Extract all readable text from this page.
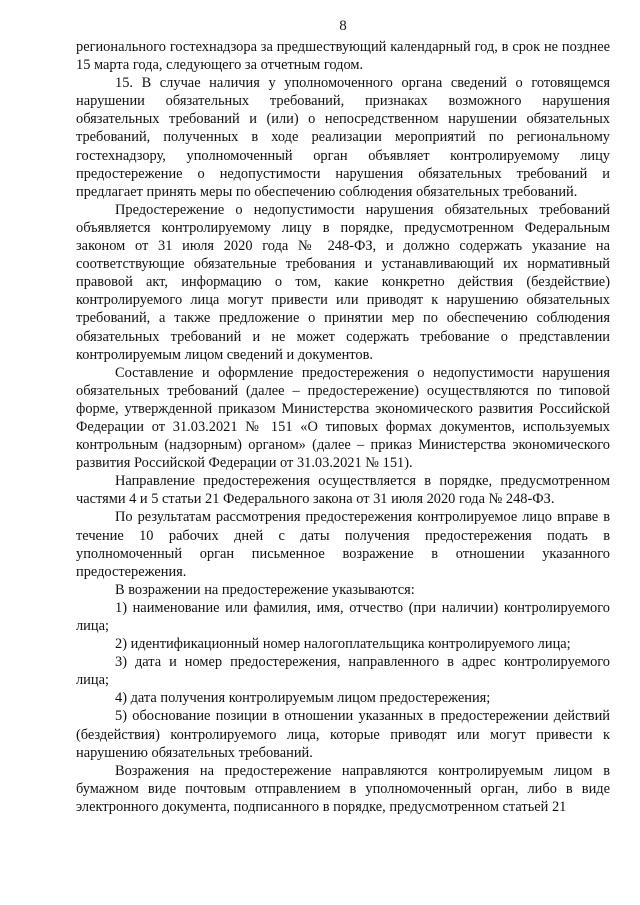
8

регионального гостехнадзора за предшествующий календарный год, в срок не позднее 15 марта года, следующего за отчетным годом.

15. В случае наличия у уполномоченного органа сведений о готовящемся нарушении обязательных требований, признаках возможного нарушения обязательных требований и (или) о непосредственном нарушении обязательных требований, полученных в ходе реализации мероприятий по региональному гостехнадзору, уполномоченный орган объявляет контролируемому лицу предостережение о недопустимости нарушения обязательных требований и предлагает принять меры по обеспечению соблюдения обязательных требований.

Предостережение о недопустимости нарушения обязательных требований объявляется контролируемому лицу в порядке, предусмотренном Федеральным законом от 31 июля 2020 года № 248-ФЗ, и должно содержать указание на соответствующие обязательные требования и устанавливающий их нормативный правовой акт, информацию о том, какие конкретно действия (бездействие) контролируемого лица могут привести или приводят к нарушению обязательных требований, а также предложение о принятии мер по обеспечению соблюдения обязательных требований и не может содержать требование о представлении контролируемым лицом сведений и документов.

Составление и оформление предостережения о недопустимости нарушения обязательных требований (далее – предостережение) осуществляются по типовой форме, утвержденной приказом Министерства экономического развития Российской Федерации от 31.03.2021 № 151 «О типовых формах документов, используемых контрольным (надзорным) органом» (далее – приказ Министерства экономического развития Российской Федерации от 31.03.2021 № 151).

Направление предостережения осуществляется в порядке, предусмотренном частями 4 и 5 статьи 21 Федерального закона от 31 июля 2020 года № 248-ФЗ.

По результатам рассмотрения предостережения контролируемое лицо вправе в течение 10 рабочих дней с даты получения предостережения подать в уполномоченный орган письменное возражение в отношении указанного предостережения.

В возражении на предостережение указываются:

1) наименование или фамилия, имя, отчество (при наличии) контролируемого лица;

2) идентификационный номер налогоплательщика контролируемого лица;

3) дата и номер предостережения, направленного в адрес контролируемого лица;

4) дата получения контролируемым лицом предостережения;

5) обоснование позиции в отношении указанных в предостережении действий (бездействия) контролируемого лица, которые приводят или могут привести к нарушению обязательных требований.

Возражения на предостережение направляются контролируемым лицом в бумажном виде почтовым отправлением в уполномоченный орган, либо в виде электронного документа, подписанного в порядке, предусмотренном статьей 21
